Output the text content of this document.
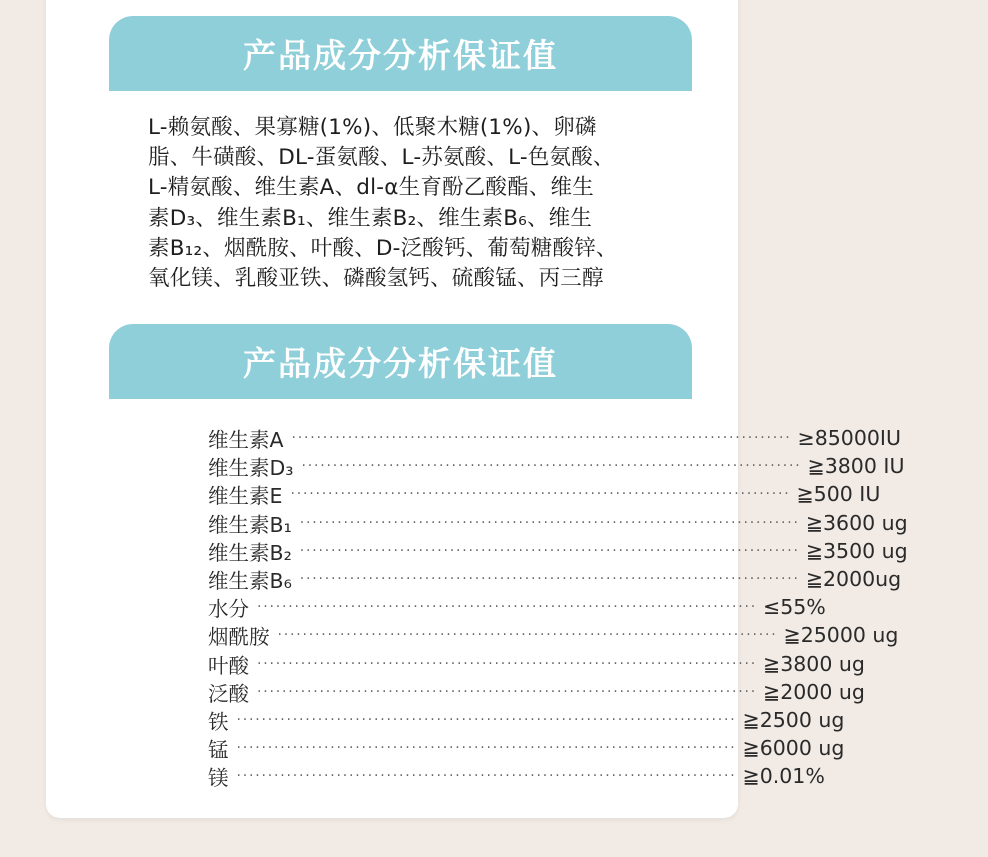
产品成分分析保证值
L-赖氨酸、果寡糖(1%)、低聚木糖(1%)、卵磷
脂、牛磺酸、DL-蛋氨酸、L-苏氨酸、L-色氨酸、
L-精氨酸、维生素A、dl-α生育酚乙酸酯、维生
素D₃、维生素B₁、维生素B₂、维生素B₆、维生
素B₁₂、烟酰胺、叶酸、D-泛酸钙、葡萄糖酸锌、
氧化镁、乳酸亚铁、磷酸氢钙、硫酸锰、丙三醇
产品成分分析保证值
维生素A ················································································ ≥85000IU
维生素D₃ ················································································ ≧3800 IU
维生素E ················································································ ≧500 IU
维生素B₁ ················································································ ≧3600 ug
维生素B₂ ················································································ ≧3500 ug
维生素B₆ ················································································ ≧2000ug
水分 ················································································ ≤55%
烟酰胺 ················································································ ≧25000 ug
叶酸 ················································································ ≧3800 ug
泛酸 ················································································ ≧2000 ug
铁 ················································································ ≧2500 ug
锰 ················································································ ≧6000 ug
镁 ················································································ ≧0.01%
